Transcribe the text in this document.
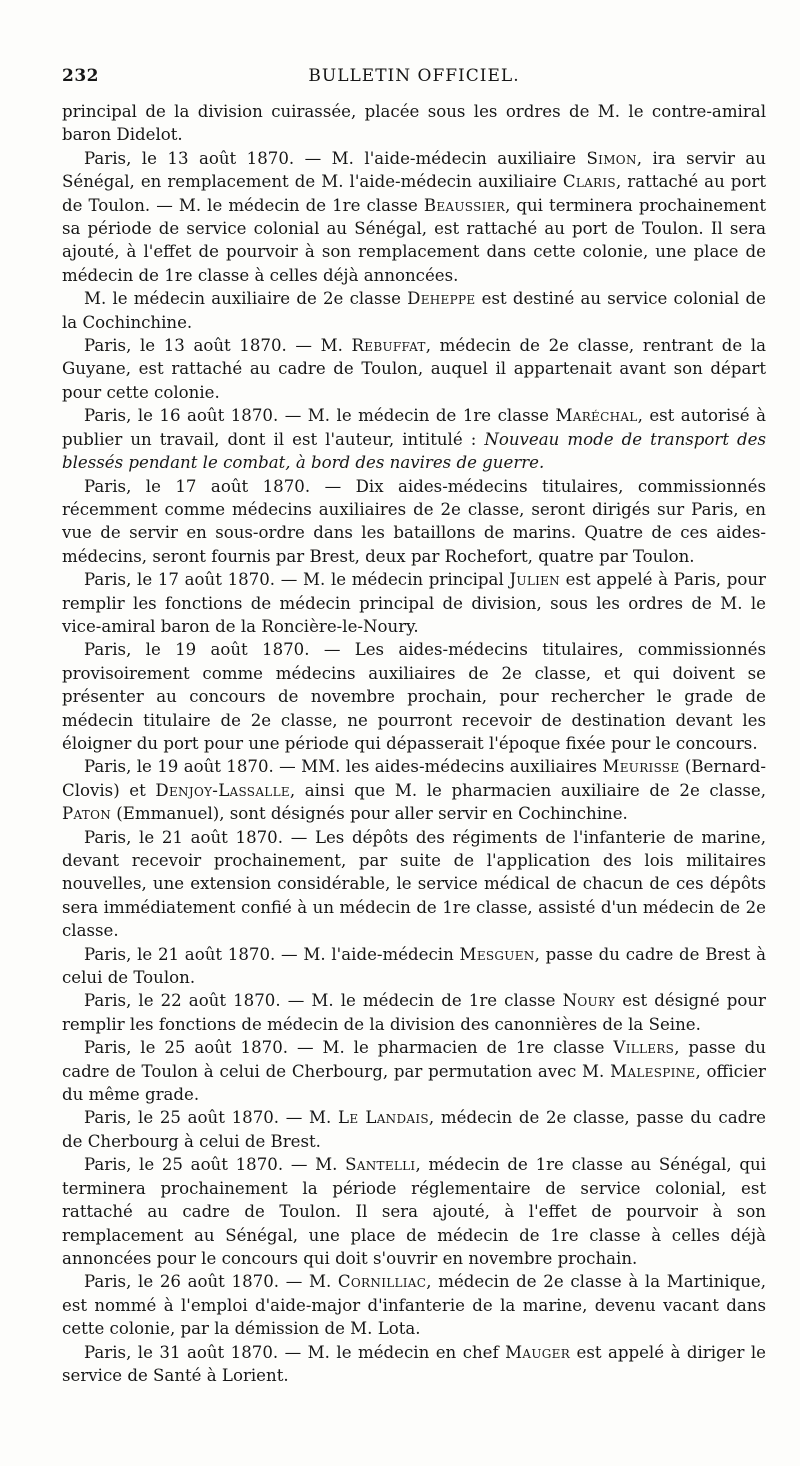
232	BULLETIN OFFICIEL.

principal de la division cuirassée, placée sous les ordres de M. le contre-amiral baron Didelot.

Paris, le 13 août 1870. — M. l'aide-médecin auxiliaire Simon, ira servir au Sénégal, en remplacement de M. l'aide-médecin auxiliaire Claris, rattaché au port de Toulon. — M. le médecin de 1re classe Beaussier, qui terminera prochainement sa période de service colonial au Sénégal, est rattaché au port de Toulon. Il sera ajouté, à l'effet de pourvoir à son remplacement dans cette colonie, une place de médecin de 1re classe à celles déjà annoncées.

M. le médecin auxiliaire de 2e classe Deheppe est destiné au service colonial de la Cochinchine.

Paris, le 13 août 1870. — M. Rebuffat, médecin de 2e classe, rentrant de la Guyane, est rattaché au cadre de Toulon, auquel il appartenait avant son départ pour cette colonie.

Paris, le 16 août 1870. — M. le médecin de 1re classe Maréchal, est autorisé à publier un travail, dont il est l'auteur, intitulé : Nouveau mode de transport des blessés pendant le combat, à bord des navires de guerre.

Paris, le 17 août 1870. — Dix aides-médecins titulaires, commissionnés récemment comme médecins auxiliaires de 2e classe, seront dirigés sur Paris, en vue de servir en sous-ordre dans les bataillons de marins. Quatre de ces aides-médecins, seront fournis par Brest, deux par Rochefort, quatre par Toulon.

Paris, le 17 août 1870. — M. le médecin principal Julien est appelé à Paris, pour remplir les fonctions de médecin principal de division, sous les ordres de M. le vice-amiral baron de la Roncière-le-Noury.

Paris, le 19 août 1870. — Les aides-médecins titulaires, commissionnés provisoirement comme médecins auxiliaires de 2e classe, et qui doivent se présenter au concours de novembre prochain, pour rechercher le grade de médecin titulaire de 2e classe, ne pourront recevoir de destination devant les éloigner du port pour une période qui dépasserait l'époque fixée pour le concours.

Paris, le 19 août 1870. — MM. les aides-médecins auxiliaires Meurisse (Bernard-Clovis) et Denjoy-Lassalle, ainsi que M. le pharmacien auxiliaire de 2e classe, Paton (Emmanuel), sont désignés pour aller servir en Cochinchine.

Paris, le 21 août 1870. — Les dépôts des régiments de l'infanterie de marine, devant recevoir prochainement, par suite de l'application des lois militaires nouvelles, une extension considérable, le service médical de chacun de ces dépôts sera immédiatement confié à un médecin de 1re classe, assisté d'un médecin de 2e classe.

Paris, le 21 août 1870. — M. l'aide-médecin Mesguen, passe du cadre de Brest à celui de Toulon.

Paris, le 22 août 1870. — M. le médecin de 1re classe Noury est désigné pour remplir les fonctions de médecin de la division des canonnières de la Seine.

Paris, le 25 août 1870. — M. le pharmacien de 1re classe Villers, passe du cadre de Toulon à celui de Cherbourg, par permutation avec M. Malespine, officier du même grade.

Paris, le 25 août 1870. — M. Le Landais, médecin de 2e classe, passe du cadre de Cherbourg à celui de Brest.

Paris, le 25 août 1870. — M. Santelli, médecin de 1re classe au Sénégal, qui terminera prochainement la période réglementaire de service colonial, est rattaché au cadre de Toulon. Il sera ajouté, à l'effet de pourvoir à son remplacement au Sénégal, une place de médecin de 1re classe à celles déjà annoncées pour le concours qui doit s'ouvrir en novembre prochain.

Paris, le 26 août 1870. — M. Cornilliac, médecin de 2e classe à la Martinique, est nommé à l'emploi d'aide-major d'infanterie de la marine, devenu vacant dans cette colonie, par la démission de M. Lota.

Paris, le 31 août 1870. — M. le médecin en chef Mauger est appelé à diriger le service de Santé à Lorient.
